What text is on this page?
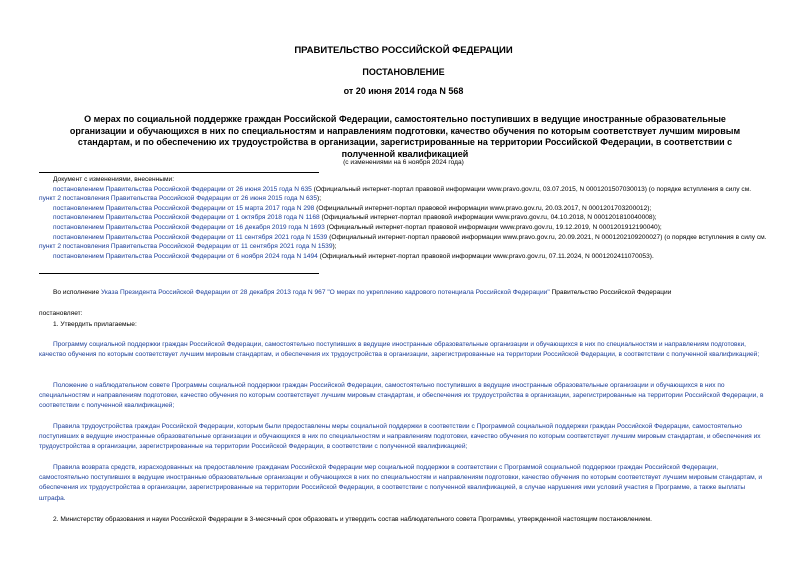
ПРАВИТЕЛЬСТВО РОССИЙСКОЙ ФЕДЕРАЦИИ
ПОСТАНОВЛЕНИЕ
от 20 июня 2014 года N 568
О мерах по социальной поддержке граждан Российской Федерации, самостоятельно поступивших в ведущие иностранные образовательные организации и обучающихся в них по специальностям и направлениям подготовки, качество обучения по которым соответствует лучшим мировым стандартам, и по обеспечению их трудоустройства в организации, зарегистрированные на территории Российской Федерации, в соответствии с полученной квалификацией
(с изменениями на 6 ноября 2024 года)
Документ с изменениями, внесенными:
постановлением Правительства Российской Федерации от 26 июня 2015 года N 635 (Официальный интернет-портал правовой информации www.pravo.gov.ru, 03.07.2015, N 0001201507030013) (о порядке вступления в силу см. пункт 2 постановления Правительства Российской Федерации от 26 июня 2015 года N 635);
постановлением Правительства Российской Федерации от 15 марта 2017 года N 298 (Официальный интернет-портал правовой информации www.pravo.gov.ru, 20.03.2017, N 0001201703200012);
постановлением Правительства Российской Федерации от 1 октября 2018 года N 1168 (Официальный интернет-портал правовой информации www.pravo.gov.ru, 04.10.2018, N 0001201810040008);
постановлением Правительства Российской Федерации от 16 декабря 2019 года N 1693 (Официальный интернет-портал правовой информации www.pravo.gov.ru, 19.12.2019, N 0001201912190040);
постановлением Правительства Российской Федерации от 11 сентября 2021 года N 1539 (Официальный интернет-портал правовой информации www.pravo.gov.ru, 20.09.2021, N 0001202109200027) (о порядке вступления в силу см. пункт 2 постановления Правительства Российской Федерации от 11 сентября 2021 года N 1539);
постановлением Правительства Российской Федерации от 6 ноября 2024 года N 1494 (Официальный интернет-портал правовой информации www.pravo.gov.ru, 07.11.2024, N 0001202411070053).

Во исполнение Указа Президента Российской Федерации от 28 декабря 2013 года N 967 "О мерах по укреплению кадрового потенциала Российской Федерации" Правительство Российской Федерации

постановляет:

1. Утвердить прилагаемые:

Программу социальной поддержки граждан Российской Федерации, самостоятельно поступивших в ведущие иностранные образовательные организации и обучающихся в них по специальностям и направлениям подготовки, качество обучения по которым соответствует лучшим мировым стандартам, и обеспечения их трудоустройства в организации, зарегистрированные на территории Российской Федерации, в соответствии с полученной квалификацией;

Положение о наблюдательном совете Программы социальной поддержки граждан Российской Федерации, самостоятельно поступивших в ведущие иностранные образовательные организации и обучающихся в них по специальностям и направлениям подготовки, качество обучения по которым соответствует лучшим мировым стандартам, и обеспечения их трудоустройства в организации, зарегистрированные на территории Российской Федерации, в соответствии с полученной квалификацией;

Правила трудоустройства граждан Российской Федерации, которым были предоставлены меры социальной поддержки в соответствии с Программой социальной поддержки граждан Российской Федерации, самостоятельно поступивших в ведущие иностранные образовательные организации и обучающихся в них по специальностям и направлениям подготовки, качество обучения по которым соответствует лучшим мировым стандартам, и обеспечения их трудоустройства в организации, зарегистрированные на территории Российской Федерации, в соответствии с полученной квалификацией;

Правила возврата средств, израсходованных на предоставление гражданам Российской Федерации мер социальной поддержки в соответствии с Программой социальной поддержки граждан Российской Федерации, самостоятельно поступивших в ведущие иностранные образовательные организации и обучающихся в них по специальностям и направлениям подготовки, качество обучения по которым соответствует лучшим мировым стандартам, и обеспечения их трудоустройства в организации, зарегистрированные на территории Российской Федерации, в соответствии с полученной квалификацией, в случае нарушения ими условий участия в Программе, а также выплаты штрафа.

2. Министерству образования и науки Российской Федерации в 3-месячный срок образовать и утвердить состав наблюдательного совета Программы, утвержденной настоящим постановлением.
